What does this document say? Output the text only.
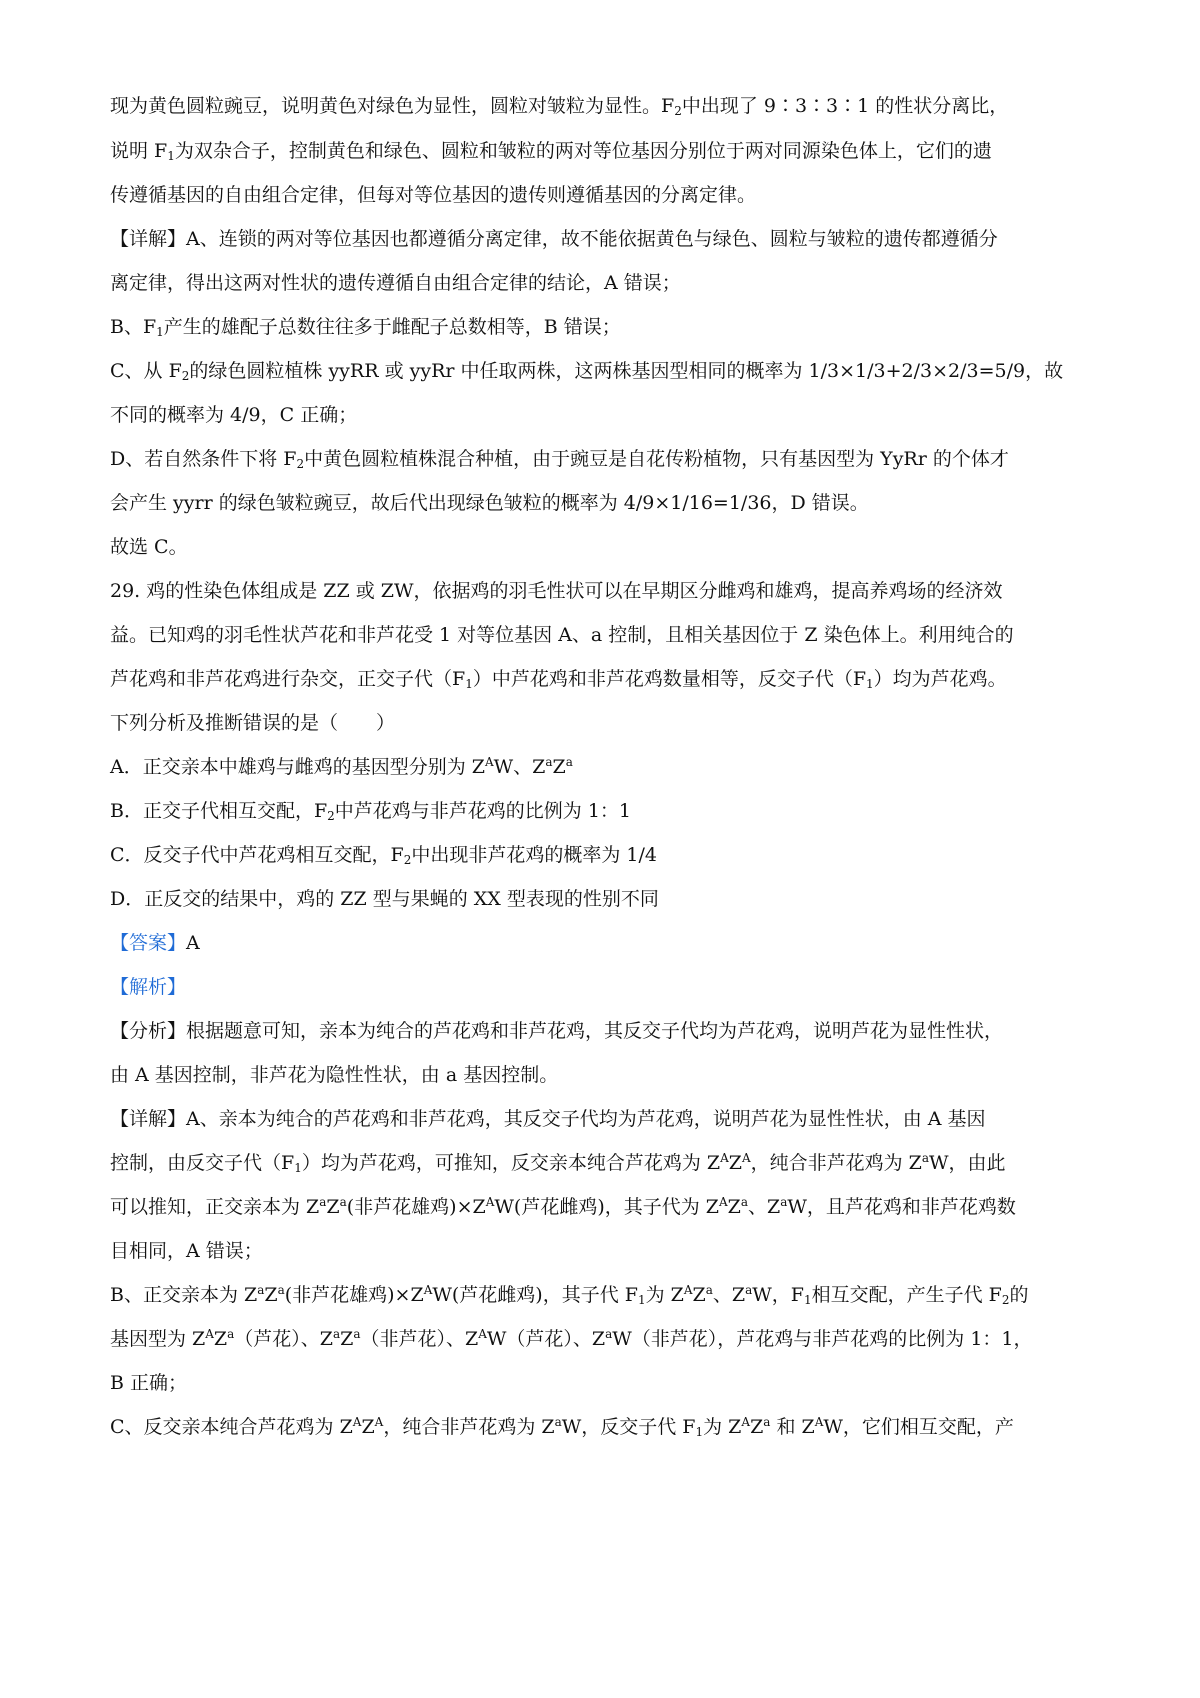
现为黄色圆粒豌豆，说明黄色对绿色为显性，圆粒对皱粒为显性。$F_2$中出现了 9∶3∶3∶1 的性状分离比，
说明 $F_1$为双杂合子，控制黄色和绿色、圆粒和皱粒的两对等位基因分别位于两对同源染色体上，它们的遗
传遵循基因的自由组合定律，但每对等位基因的遗传则遵循基因的分离定律。
【详解】A、连锁的两对等位基因也都遵循分离定律，故不能依据黄色与绿色、圆粒与皱粒的遗传都遵循分
离定律，得出这两对性状的遗传遵循自由组合定律的结论，A 错误；
B、$F_1$产生的雄配子总数往往多于雌配子总数相等，B 错误；
C、从 $F_2$的绿色圆粒植株 yyRR 或 yyRr 中任取两株，这两株基因型相同的概率为 1/3×1/3+2/3×2/3=5/9，故
不同的概率为 4/9，C 正确；
D、若自然条件下将 $F_2$中黄色圆粒植株混合种植，由于豌豆是自花传粉植物，只有基因型为 YyRr 的个体才
会产生 yyrr 的绿色皱粒豌豆，故后代出现绿色皱粒的概率为 4/9×1/16=1/36，D 错误。
故选 C。
29. 鸡的性染色体组成是 ZZ 或 ZW，依据鸡的羽毛性状可以在早期区分雌鸡和雄鸡，提高养鸡场的经济效
益。已知鸡的羽毛性状芦花和非芦花受 1 对等位基因 A、a 控制，且相关基因位于 Z 染色体上。利用纯合的
芦花鸡和非芦花鸡进行杂交，正交子代$(F_1)$中芦花鸡和非芦花鸡数量相等，反交子代$(F_1)$均为芦花鸡。
下列分析及推断错误的是（　　）
A．正交亲本中雄鸡与雌鸡的基因型分别为 $Z^AW$、$Z^aZ^a$
B．正交子代相互交配，$F_2$中芦花鸡与非芦花鸡的比例为 1：1
C．反交子代中芦花鸡相互交配，$F_2$中出现非芦花鸡的概率为 1/4
D．正反交的结果中，鸡的 ZZ 型与果蝇的 XX 型表现的性别不同
【答案】A
【解析】
【分析】根据题意可知，亲本为纯合的芦花鸡和非芦花鸡，其反交子代均为芦花鸡，说明芦花为显性性状，
由 A 基因控制，非芦花为隐性性状，由 a 基因控制。
【详解】A、亲本为纯合的芦花鸡和非芦花鸡，其反交子代均为芦花鸡，说明芦花为显性性状，由 A 基因
控制，由反交子代$(F_1)$均为芦花鸡，可推知，反交亲本纯合芦花鸡为 $Z^AZ^A$，纯合非芦花鸡为 $Z^aW$，由此
可以推知，正交亲本为 $Z^aZ^a$(非芦花雄鸡)$\times Z^AW$(芦花雌鸡)，其子代为 $Z^AZ^a$、$Z^aW$，且芦花鸡和非芦花鸡数
目相同，A 错误；
B、正交亲本为 $Z^aZ^a$(非芦花雄鸡)$\times Z^AW$(芦花雌鸡)，其子代 $F_1$为 $Z^AZ^a$、$Z^aW$，$F_1$相互交配，产生子代 $F_2$的
基因型为 $Z^AZ^a$（芦花）、$Z^aZ^a$（非芦花）、$Z^AW$（芦花）、$Z^aW$（非芦花），芦花鸡与非芦花鸡的比例为 1：1，
B 正确；
C、反交亲本纯合芦花鸡为 $Z^AZ^A$，纯合非芦花鸡为 $Z^aW$，反交子代 $F_1$为 $Z^AZ^a$ 和 $Z^AW$，它们相互交配，产
